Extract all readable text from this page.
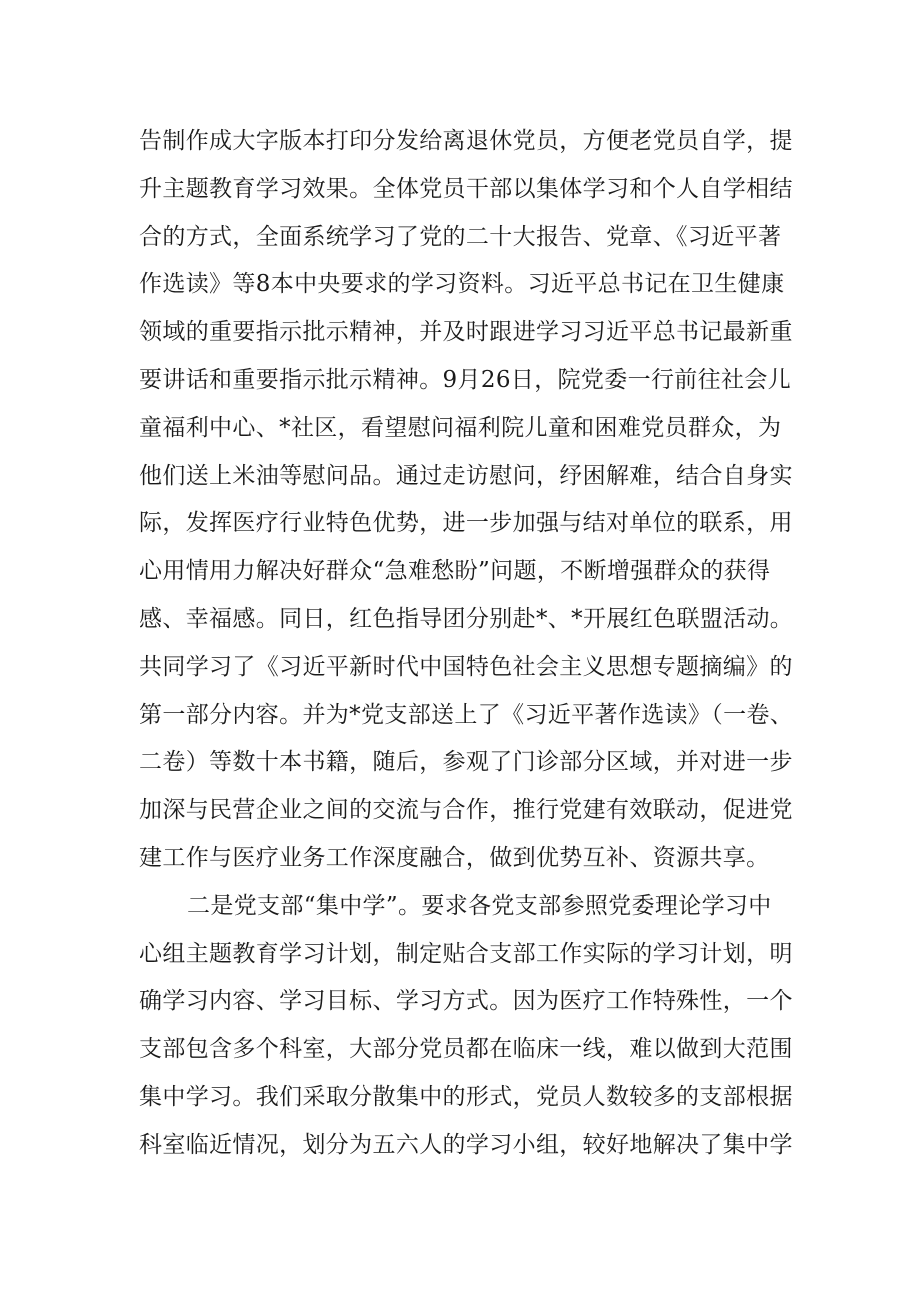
告制作成大字版本打印分发给离退休党员，方便老党员自学，提
升主题教育学习效果。全体党员干部以集体学习和个人自学相结
合的方式，全面系统学习了党的二十大报告、党章、《习近平著
作选读》等8本中央要求的学习资料。习近平总书记在卫生健康
领域的重要指示批示精神，并及时跟进学习习近平总书记最新重
要讲话和重要指示批示精神。9月26日，院党委一行前往社会儿
童福利中心、*社区，看望慰问福利院儿童和困难党员群众，为
他们送上米油等慰问品。通过走访慰问，纾困解难，结合自身实
际，发挥医疗行业特色优势，进一步加强与结对单位的联系，用
心用情用力解决好群众“急难愁盼”问题，不断增强群众的获得
感、幸福感。同日，红色指导团分别赴*、*开展红色联盟活动。
共同学习了《习近平新时代中国特色社会主义思想专题摘编》的
第一部分内容。并为*党支部送上了《习近平著作选读》（一卷、
二卷）等数十本书籍，随后，参观了门诊部分区域，并对进一步
加深与民营企业之间的交流与合作，推行党建有效联动，促进党
建工作与医疗业务工作深度融合，做到优势互补、资源共享。
二是党支部“集中学”。要求各党支部参照党委理论学习中
心组主题教育学习计划，制定贴合支部工作实际的学习计划，明
确学习内容、学习目标、学习方式。因为医疗工作特殊性，一个
支部包含多个科室，大部分党员都在临床一线，难以做到大范围
集中学习。我们采取分散集中的形式，党员人数较多的支部根据
科室临近情况，划分为五六人的学习小组，较好地解决了集中学
